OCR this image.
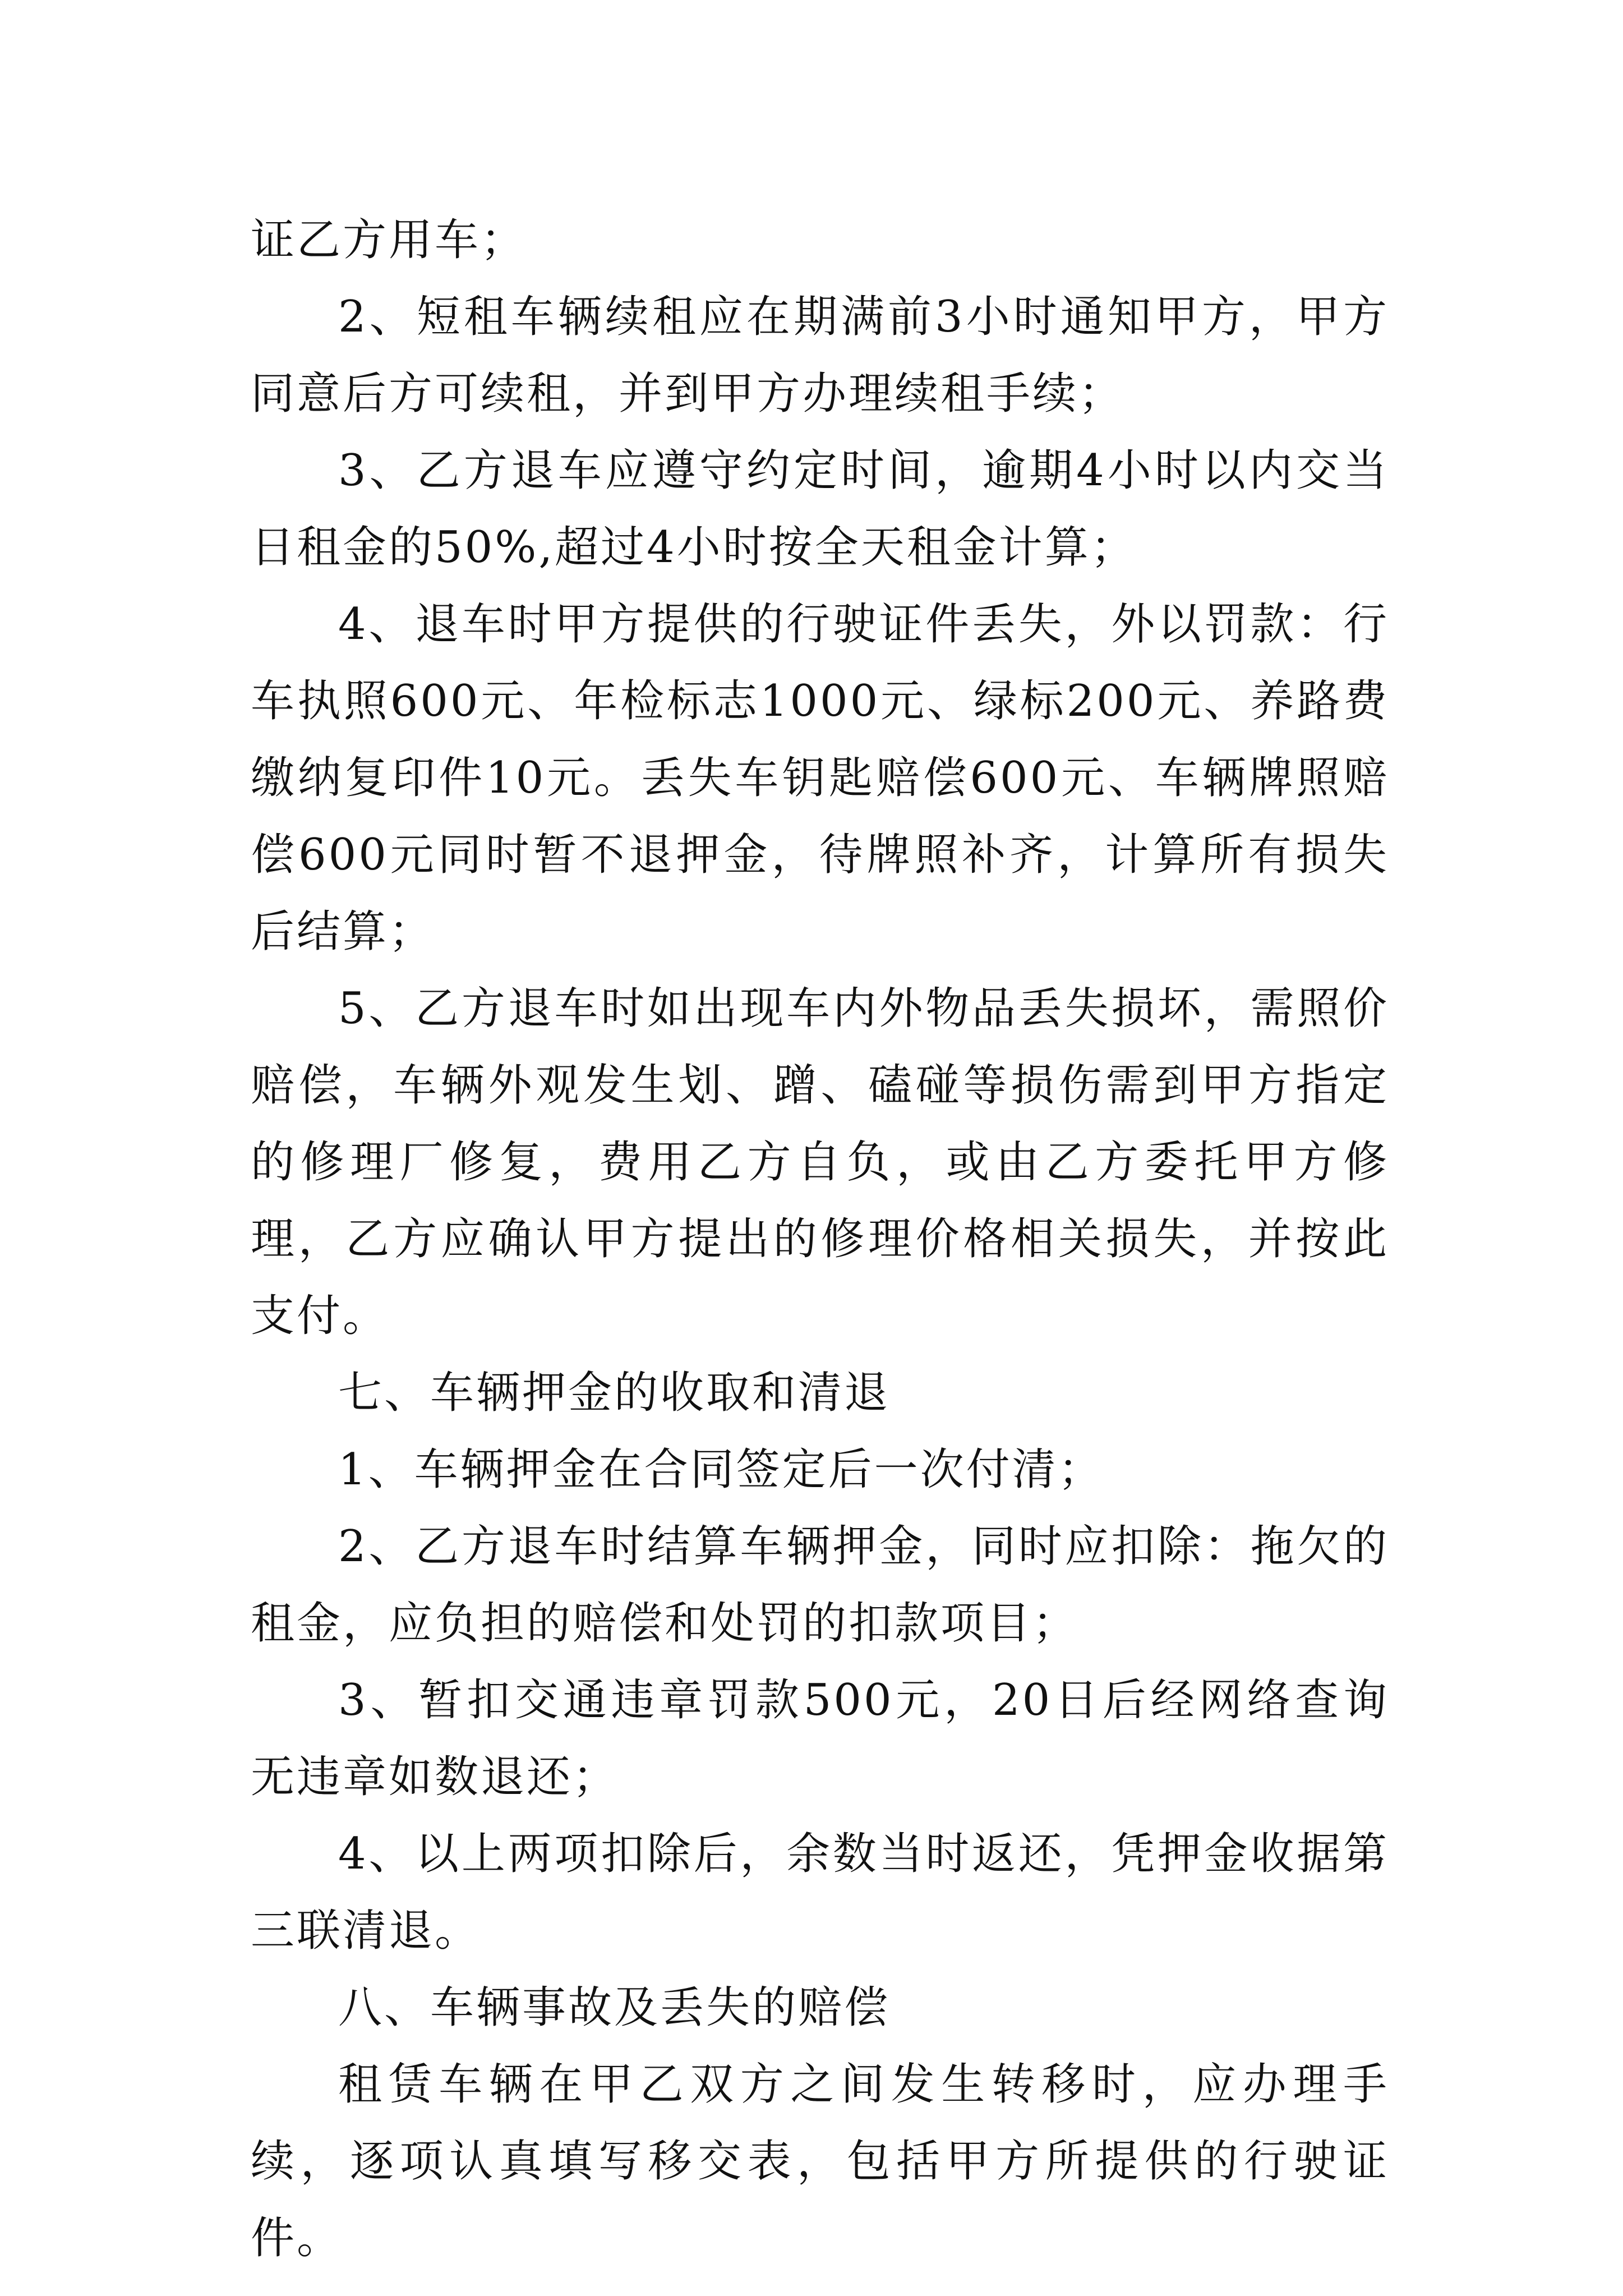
证乙方用车；

2、短租车辆续租应在期满前3小时通知甲方，甲方同意后方可续租，并到甲方办理续租手续；

3、乙方退车应遵守约定时间，逾期4小时以内交当日租金的50%,超过4小时按全天租金计算；

4、退车时甲方提供的行驶证件丢失，外以罚款：行车执照600元、年检标志1000元、绿标200元、养路费缴纳复印件10元。丢失车钥匙赔偿600元、车辆牌照赔偿600元同时暂不退押金，待牌照补齐，计算所有损失后结算；

5、乙方退车时如出现车内外物品丢失损坏，需照价赔偿，车辆外观发生划、蹭、磕碰等损伤需到甲方指定的修理厂修复，费用乙方自负，或由乙方委托甲方修理，乙方应确认甲方提出的修理价格相关损失，并按此支付。

七、车辆押金的收取和清退

1、车辆押金在合同签定后一次付清；

2、乙方退车时结算车辆押金，同时应扣除：拖欠的租金，应负担的赔偿和处罚的扣款项目；

3、暂扣交通违章罚款500元，20日后经网络查询无违章如数退还；

4、以上两项扣除后，余数当时返还，凭押金收据第三联清退。

八、车辆事故及丢失的赔偿

租赁车辆在甲乙双方之间发生转移时，应办理手续，逐项认真填写移交表，包括甲方所提供的行驶证件。
